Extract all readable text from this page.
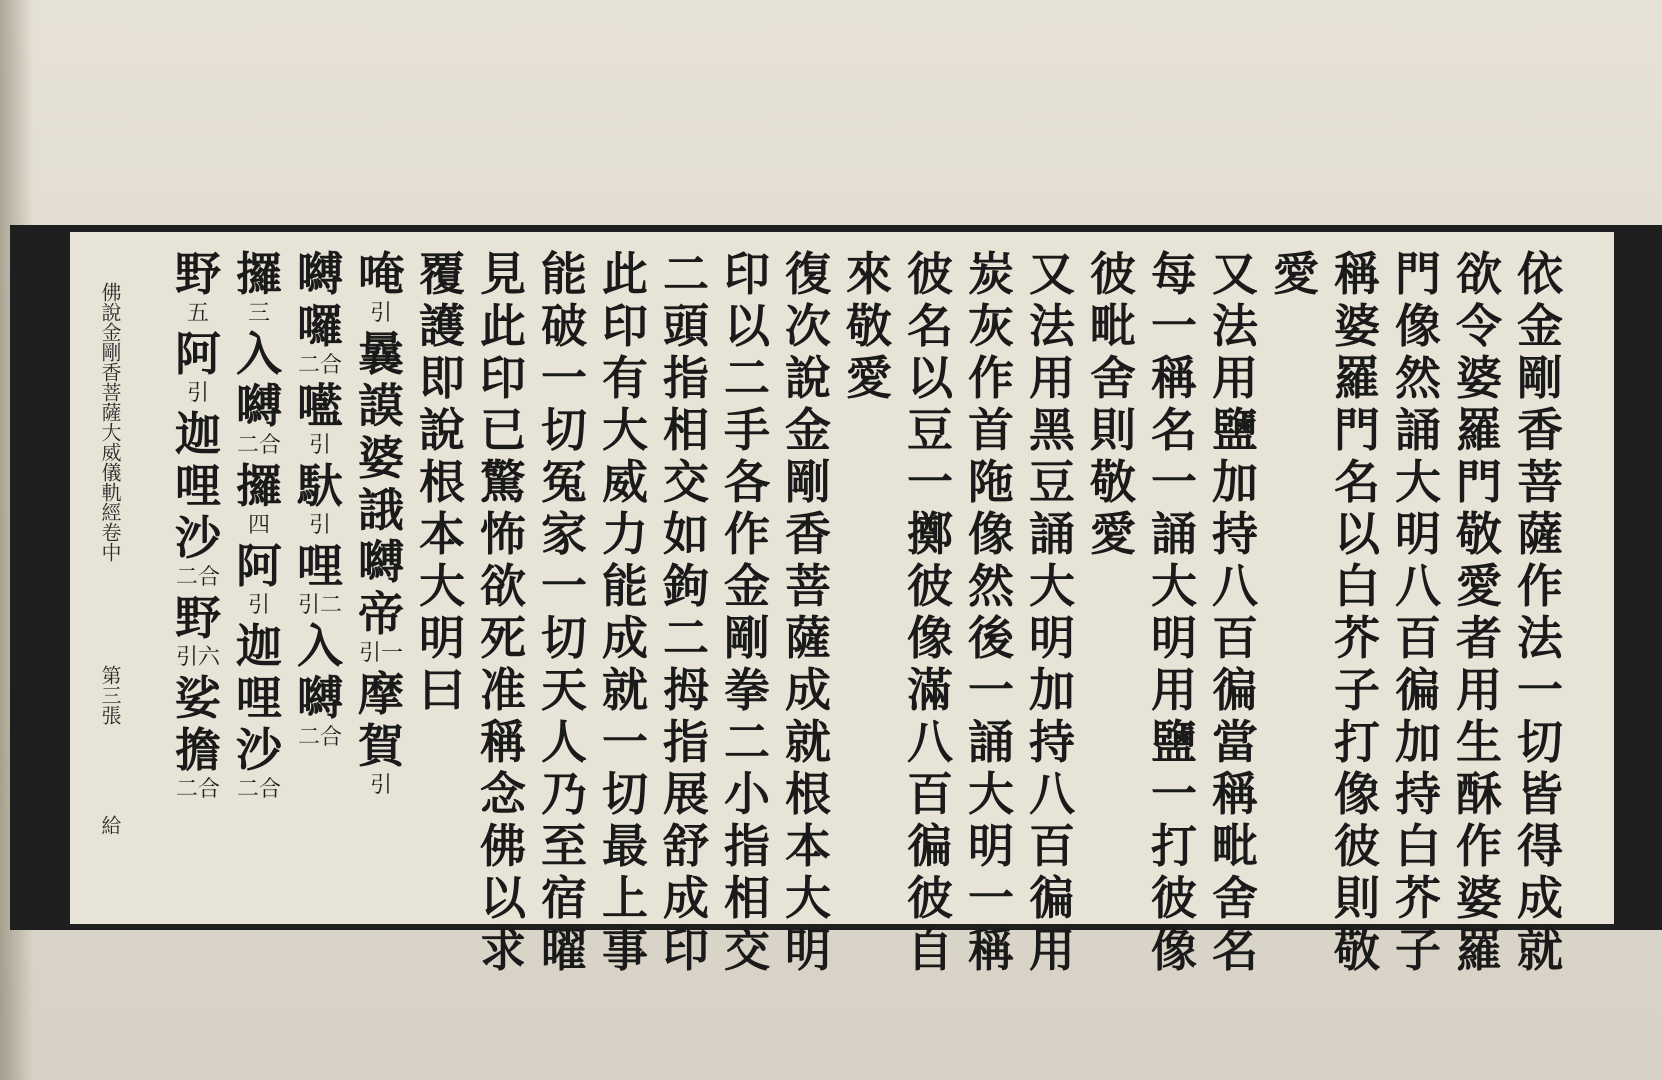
依
金
剛
香
菩
薩
作
法
一
切
皆
得
成
就
欲
令
婆
羅
門
敬
愛
者
用
生
酥
作
婆
羅
門
像
然
誦
大
明
八
百
徧
加
持
白
芥
子
稱
婆
羅
門
名
以
白
芥
子
打
像
彼
則
敬
愛
又
法
用
鹽
加
持
八
百
徧
當
稱
毗
舍
名
每
一
稱
名
一
誦
大
明
用
鹽
一
打
彼
像
彼
毗
舍
則
敬
愛
又
法
用
黑
豆
誦
大
明
加
持
八
百
徧
用
炭
灰
作
首
陁
像
然
後
一
誦
大
明
一
稱
彼
名
以
豆
一
擲
彼
像
滿
八
百
徧
彼
自
來
敬
愛
復
次
說
金
剛
香
菩
薩
成
就
根
本
大
明
印
以
二
手
各
作
金
剛
拳
二
小
指
相
交
二
頭
指
相
交
如
鉤
二
拇
指
展
舒
成
印
此
印
有
大
威
力
能
成
就
一
切
最
上
事
能
破
一
切
冤
家
一
切
天
人
乃
至
宿
曜
見
此
印
已
驚
怖
欲
死
准
稱
念
佛
以
求
覆
護
即
說
根
本
大
明
曰
唵
引
曩
謨
婆
誐
嚩
帝
引一
摩
賀
引
嚩
囉
二合
㘕
引
馱
引
哩
引二
入
嚩
二合
攞
三
入
嚩
二合
攞
四
阿
引
迦
哩
沙
二合
野
五
阿
引
迦
哩
沙
二合
野
引六
娑
擔
二合
佛說金剛香菩薩大威儀軌經卷中
第三張
給
